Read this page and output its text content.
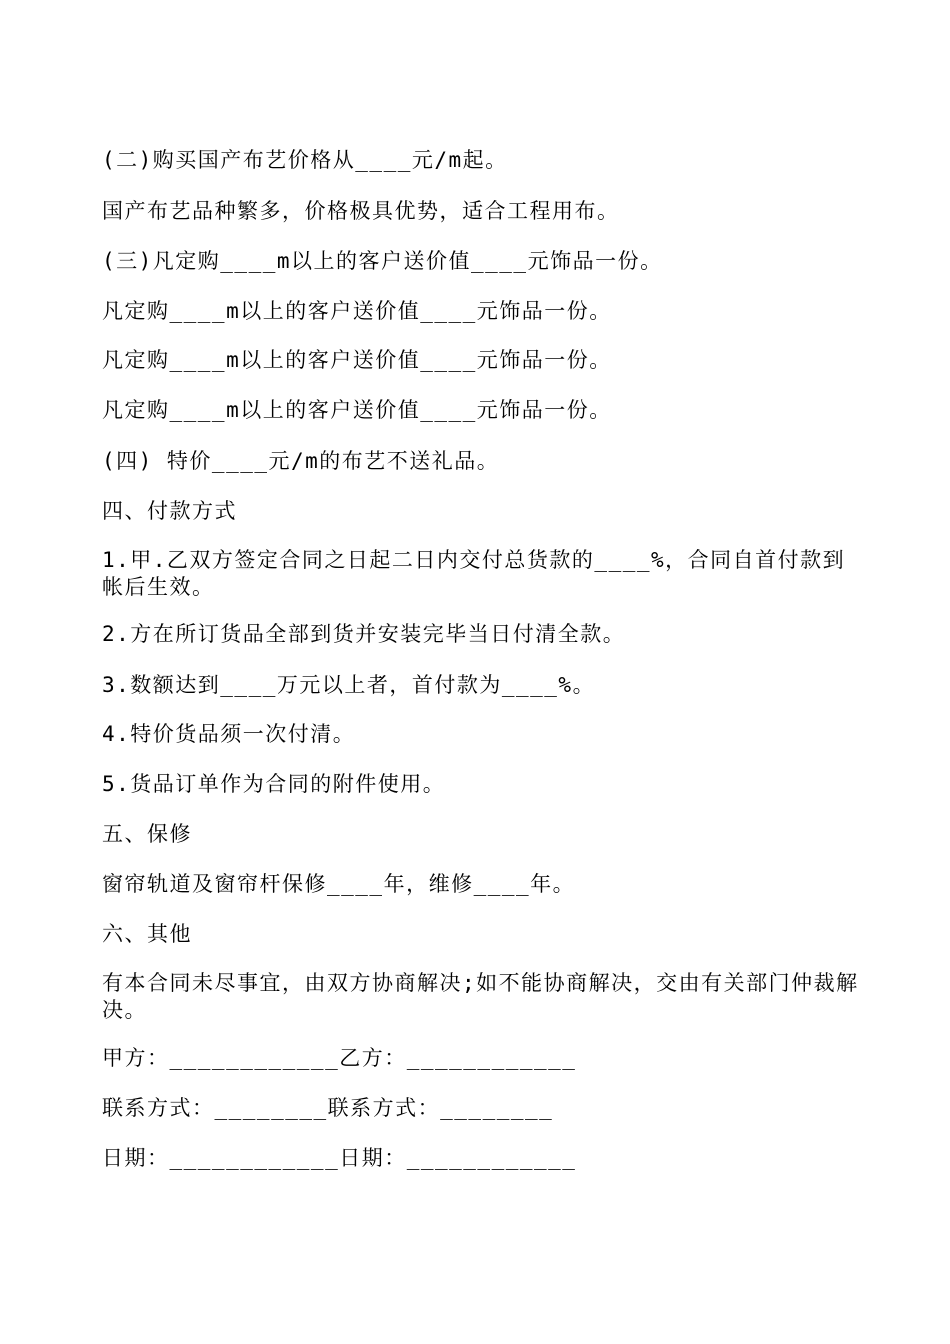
(二)购买国产布艺价格从____元/m起。

国产布艺品种繁多，价格极具优势，适合工程用布。

(三)凡定购____m以上的客户送价值____元饰品一份。

凡定购____m以上的客户送价值____元饰品一份。

凡定购____m以上的客户送价值____元饰品一份。

凡定购____m以上的客户送价值____元饰品一份。

(四) 特价____元/m的布艺不送礼品。

四、付款方式

1.甲.乙双方签定合同之日起二日内交付总货款的____%，合同自首付款到帐后生效。

2.方在所订货品全部到货并安装完毕当日付清全款。

3.数额达到____万元以上者，首付款为____%。

4.特价货品须一次付清。

5.货品订单作为合同的附件使用。

五、保修

窗帘轨道及窗帘杆保修____年，维修____年。

六、其他

有本合同未尽事宜，由双方协商解决;如不能协商解决，交由有关部门仲裁解决。

甲方：____________乙方：____________

联系方式：________联系方式：________

日期：____________日期：____________
